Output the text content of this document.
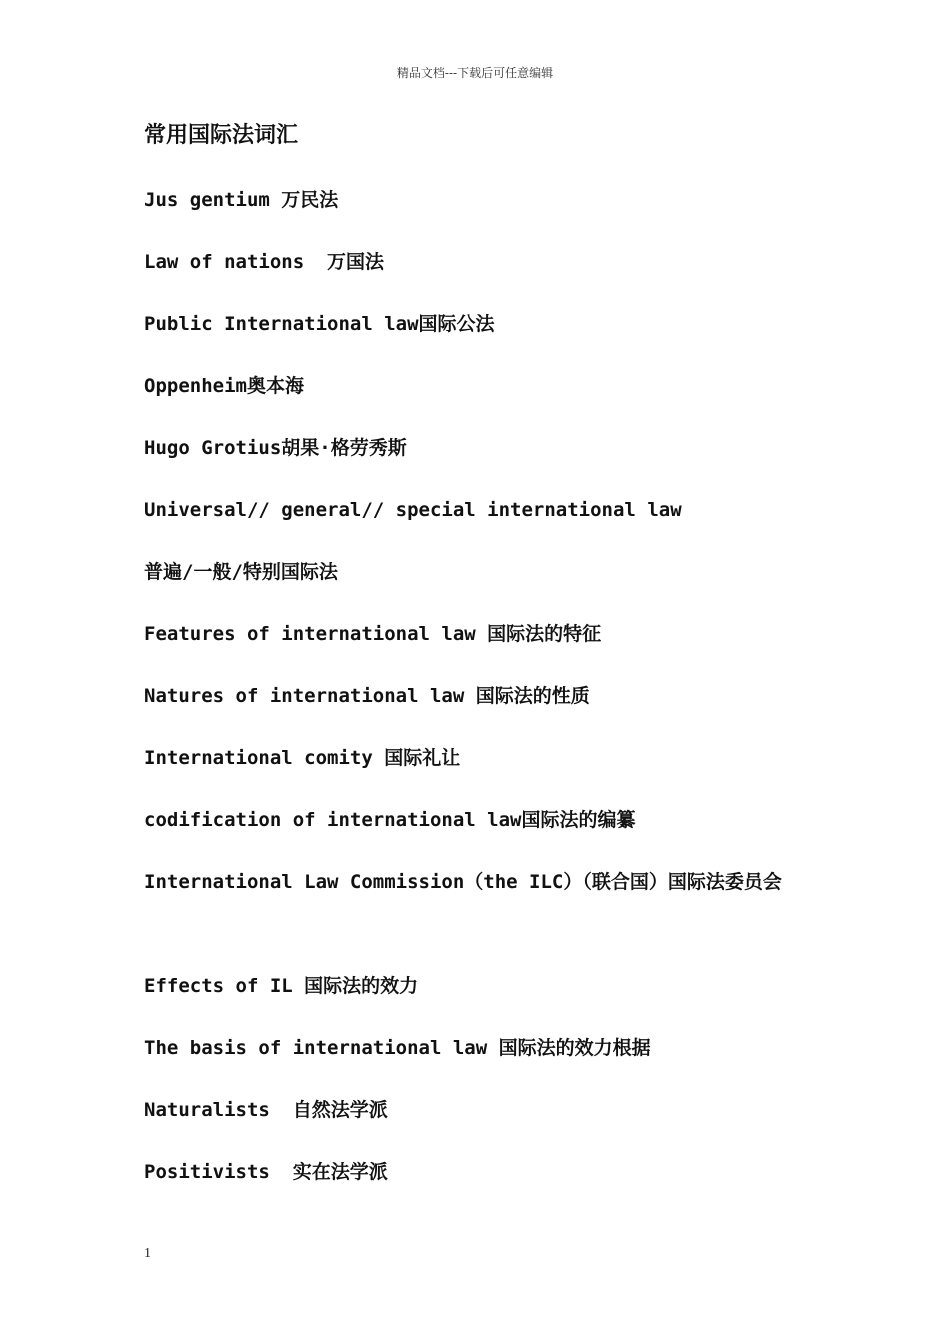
精品文档---下载后可任意编辑
常用国际法词汇
Jus gentium 万民法
Law of nations  万国法
Public International law国际公法
Oppenheim奥本海
Hugo Grotius胡果·格劳秀斯
Universal// general// special international law
普遍/一般/特别国际法
Features of international law 国际法的特征
Natures of international law 国际法的性质
International comity 国际礼让
codification of international law国际法的编纂
International Law Commission（the ILC）（联合国）国际法委员会
Effects of IL 国际法的效力
The basis of international law 国际法的效力根据
Naturalists  自然法学派
Positivists  实在法学派
1
